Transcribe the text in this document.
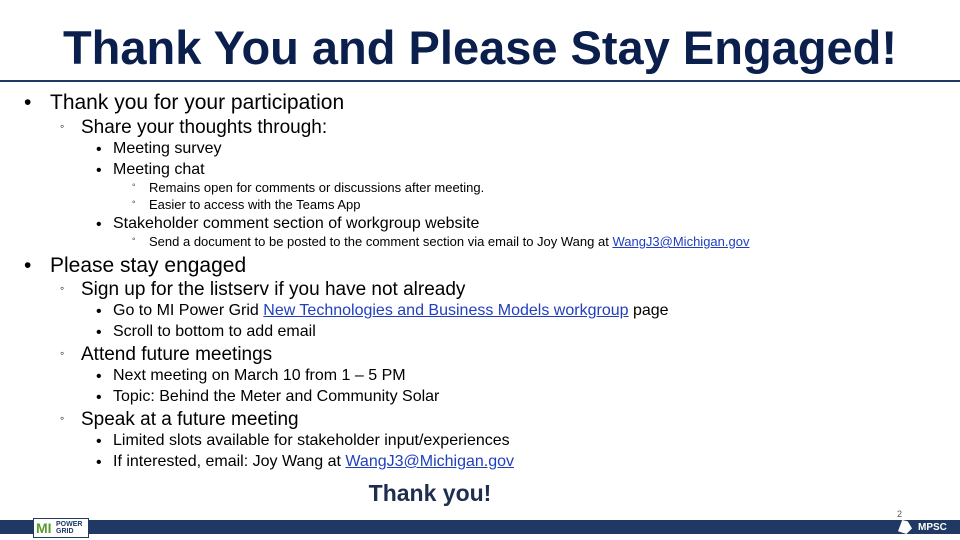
Thank You and Please Stay Engaged!
• Thank you for your participation
◦ Share your thoughts through:
• Meeting survey
• Meeting chat
◦ Remains open for comments or discussions after meeting.
◦ Easier to access with the Teams App
• Stakeholder comment section of workgroup website
◦ Send a document to be posted to the comment section via email to Joy Wang at WangJ3@Michigan.gov
• Please stay engaged
◦ Sign up for the listserv if you have not already
• Go to MI Power Grid New Technologies and Business Models workgroup page
• Scroll to bottom to add email
◦ Attend future meetings
• Next meeting on March 10 from 1 – 5 PM
• Topic: Behind the Meter and Community Solar
◦ Speak at a future meeting
• Limited slots available for stakeholder input/experiences
• If interested, email: Joy Wang at WangJ3@Michigan.gov
Thank you!
2
MI POWER
GRID	MPSC
